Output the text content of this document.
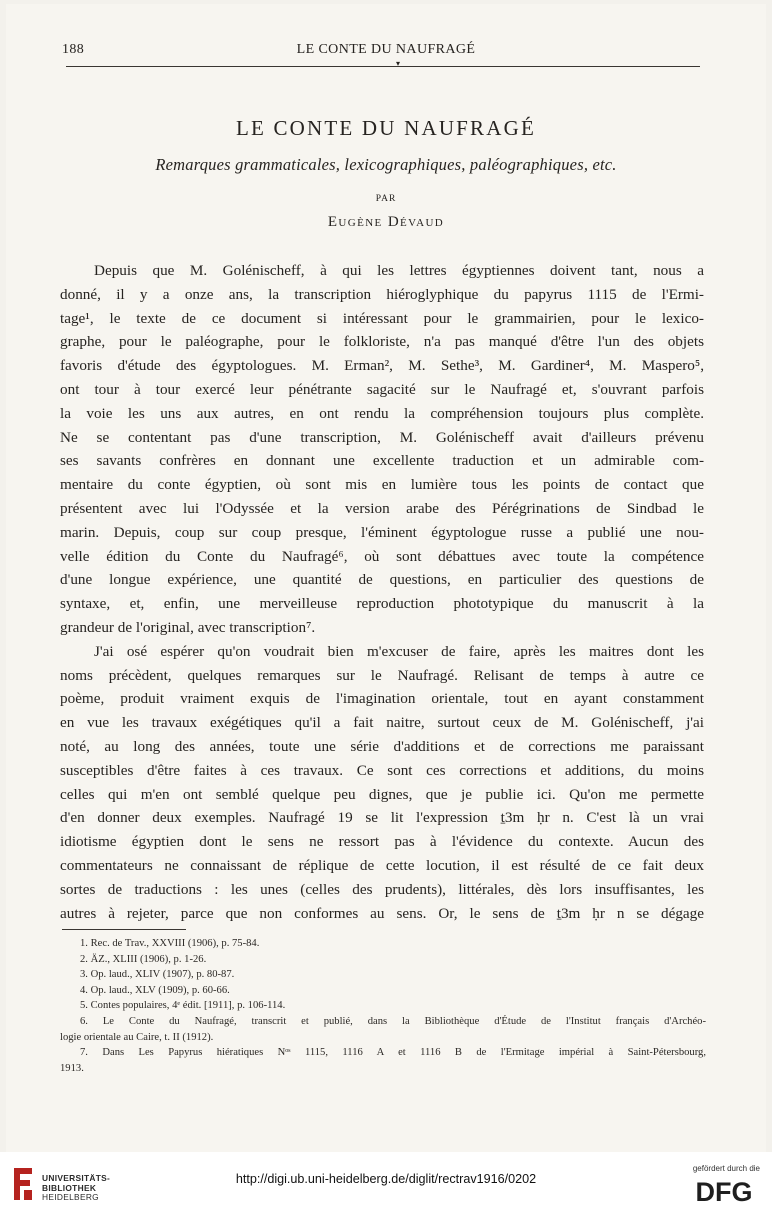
188	LE CONTE DU NAUFRAGÉ
▾
LE CONTE DU NAUFRAGÉ
Remarques grammaticales, lexicographiques, paléographiques, etc.
PAR
Eugène Dévaud
Depuis que M. Golénischeff, à qui les lettres égyptiennes doivent tant, nous a
donné, il y a onze ans, la transcription hiéroglyphique du papyrus 1115 de l'Ermi-
tage¹, le texte de ce document si intéressant pour le grammairien, pour le lexico-
graphe, pour le paléographe, pour le folkloriste, n'a pas manqué d'être l'un des objets
favoris d'étude des égyptologues. M. Erman², M. Sethe³, M. Gardiner⁴, M. Maspero⁵,
ont tour à tour exercé leur pénétrante sagacité sur le Naufragé et, s'ouvrant parfois
la voie les uns aux autres, en ont rendu la compréhension toujours plus complète.
Ne se contentant pas d'une transcription, M. Golénischeff avait d'ailleurs prévenu
ses savants confrères en donnant une excellente traduction et un admirable com-
mentaire du conte égyptien, où sont mis en lumière tous les points de contact que
présentent avec lui l'Odyssée et la version arabe des Pérégrinations de Sindbad le
marin. Depuis, coup sur coup presque, l'éminent égyptologue russe a publié une nou-
velle édition du Conte du Naufragé⁶, où sont débattues avec toute la compétence
d'une longue expérience, une quantité de questions, en particulier des questions de
syntaxe, et, enfin, une merveilleuse reproduction phototypique du manuscrit à la
grandeur de l'original, avec transcription⁷.
J'ai osé espérer qu'on voudrait bien m'excuser de faire, après les maitres dont les
noms précèdent, quelques remarques sur le Naufragé. Relisant de temps à autre ce
poème, produit vraiment exquis de l'imagination orientale, tout en ayant constamment
en vue les travaux exégétiques qu'il a fait naitre, surtout ceux de M. Golénischeff, j'ai
noté, au long des années, toute une série d'additions et de corrections me paraissant
susceptibles d'être faites à ces travaux. Ce sont ces corrections et additions, du moins
celles qui m'en ont semblé quelque peu dignes, que je publie ici. Qu'on me permette
d'en donner deux exemples. Naufragé 19 se lit l'expression ṯ3m ḥr n. C'est là un vrai
idiotisme égyptien dont le sens ne ressort pas à l'évidence du contexte. Aucun des
commentateurs ne connaissant de réplique de cette locution, il est résulté de ce fait deux
sortes de traductions : les unes (celles des prudents), littérales, dès lors insuffisantes, les
autres à rejeter, parce que non conformes au sens. Or, le sens de ṯ3m ḥr n se dégage
1. Rec. de Trav., XXVIII (1906), p. 75-84.
2. ÄZ., XLIII (1906), p. 1-26.
3. Op. laud., XLIV (1907), p. 80-87.
4. Op. laud., XLV (1909), p. 60-66.
5. Contes populaires, 4ᵉ édit. [1911], p. 106-114.
6. Le Conte du Naufragé, transcrit et publié, dans la Bibliothèque d'Étude de l'Institut français d'Archéo-
logie orientale au Caire, t. II (1912).
7. Dans Les Papyrus hiératiques Nᵒˢ 1115, 1116 A et 1116 B de l'Ermitage impérial à Saint-Pétersbourg,
1913.
UNIVERSITÄTS-
BIBLIOTHEK
HEIDELBERG
http://digi.ub.uni-heidelberg.de/diglit/rectrav1916/0202
gefördert durch die
DFG
